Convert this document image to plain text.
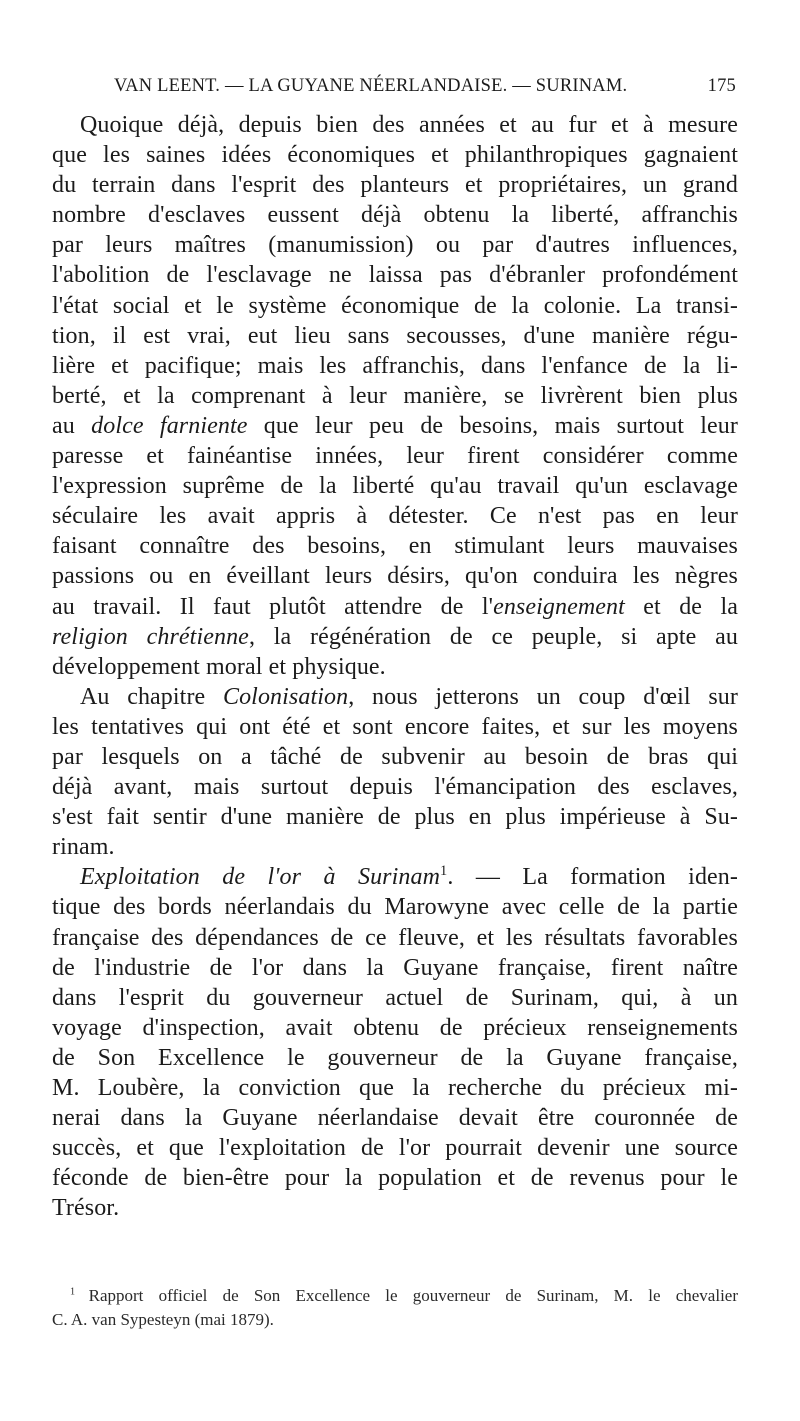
VAN LEENT. — LA GUYANE NÉERLANDAISE. — SURINAM.	175

Quoique déjà, depuis bien des années et au fur et à mesure
que les saines idées économiques et philanthropiques gagnaient
du terrain dans l'esprit des planteurs et propriétaires, un grand
nombre d'esclaves eussent déjà obtenu la liberté, affranchis
par leurs maîtres (manumission) ou par d'autres influences,
l'abolition de l'esclavage ne laissa pas d'ébranler profondément
l'état social et le système économique de la colonie. La transi-
tion, il est vrai, eut lieu sans secousses, d'une manière régu-
lière et pacifique; mais les affranchis, dans l'enfance de la li-
berté, et la comprenant à leur manière, se livrèrent bien plus
au dolce farniente que leur peu de besoins, mais surtout leur
paresse et fainéantise innées, leur firent considérer comme
l'expression suprême de la liberté qu'au travail qu'un esclavage
séculaire les avait appris à détester. Ce n'est pas en leur
faisant connaître des besoins, en stimulant leurs mauvaises
passions ou en éveillant leurs désirs, qu'on conduira les nègres
au travail. Il faut plutôt attendre de l'enseignement et de la
religion chrétienne, la régénération de ce peuple, si apte au
développement moral et physique.

Au chapitre Colonisation, nous jetterons un coup d'œil sur
les tentatives qui ont été et sont encore faites, et sur les moyens
par lesquels on a tâché de subvenir au besoin de bras qui
déjà avant, mais surtout depuis l'émancipation des esclaves,
s'est fait sentir d'une manière de plus en plus impérieuse à Su-
rinam.

Exploitation de l'or à Surinam$^1$. — La formation iden-
tique des bords néerlandais du Marowyne avec celle de la partie
française des dépendances de ce fleuve, et les résultats favorables
de l'industrie de l'or dans la Guyane française, firent naître
dans l'esprit du gouverneur actuel de Surinam, qui, à un
voyage d'inspection, avait obtenu de précieux renseignements
de Son Excellence le gouverneur de la Guyane française,
M. Loubère, la conviction que la recherche du précieux mi-
nerai dans la Guyane néerlandaise devait être couronnée de
succès, et que l'exploitation de l'or pourrait devenir une source
féconde de bien-être pour la population et de revenus pour le
Trésor.

$^1$ Rapport officiel de Son Excellence le gouverneur de Surinam, M. le chevalier
C. A. van Sypesteyn (mai 1879).
